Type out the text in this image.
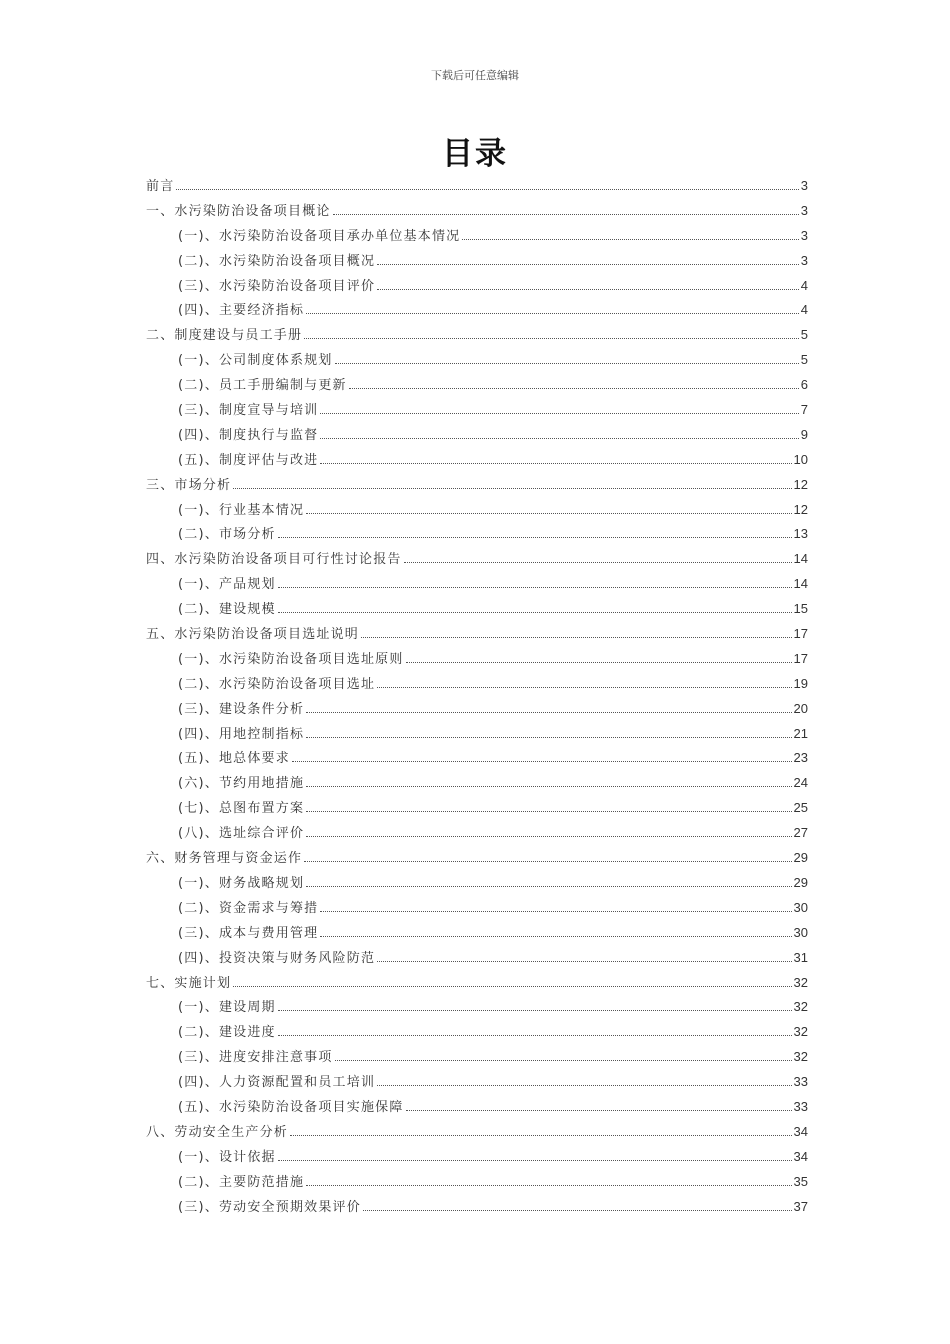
下载后可任意编辑
目录
前言	3
一、水污染防治设备项目概论	3
(一)、水污染防治设备项目承办单位基本情况	3
(二)、水污染防治设备项目概况	3
(三)、水污染防治设备项目评价	4
(四)、主要经济指标	4
二、制度建设与员工手册	5
(一)、公司制度体系规划	5
(二)、员工手册编制与更新	6
(三)、制度宣导与培训	7
(四)、制度执行与监督	9
(五)、制度评估与改进	10
三、市场分析	12
(一)、行业基本情况	12
(二)、市场分析	13
四、水污染防治设备项目可行性讨论报告	14
(一)、产品规划	14
(二)、建设规模	15
五、水污染防治设备项目选址说明	17
(一)、水污染防治设备项目选址原则	17
(二)、水污染防治设备项目选址	19
(三)、建设条件分析	20
(四)、用地控制指标	21
(五)、地总体要求	23
(六)、节约用地措施	24
(七)、总图布置方案	25
(八)、选址综合评价	27
六、财务管理与资金运作	29
(一)、财务战略规划	29
(二)、资金需求与筹措	30
(三)、成本与费用管理	30
(四)、投资决策与财务风险防范	31
七、实施计划	32
(一)、建设周期	32
(二)、建设进度	32
(三)、进度安排注意事项	32
(四)、人力资源配置和员工培训	33
(五)、水污染防治设备项目实施保障	33
八、劳动安全生产分析	34
(一)、设计依据	34
(二)、主要防范措施	35
(三)、劳动安全预期效果评价	37
